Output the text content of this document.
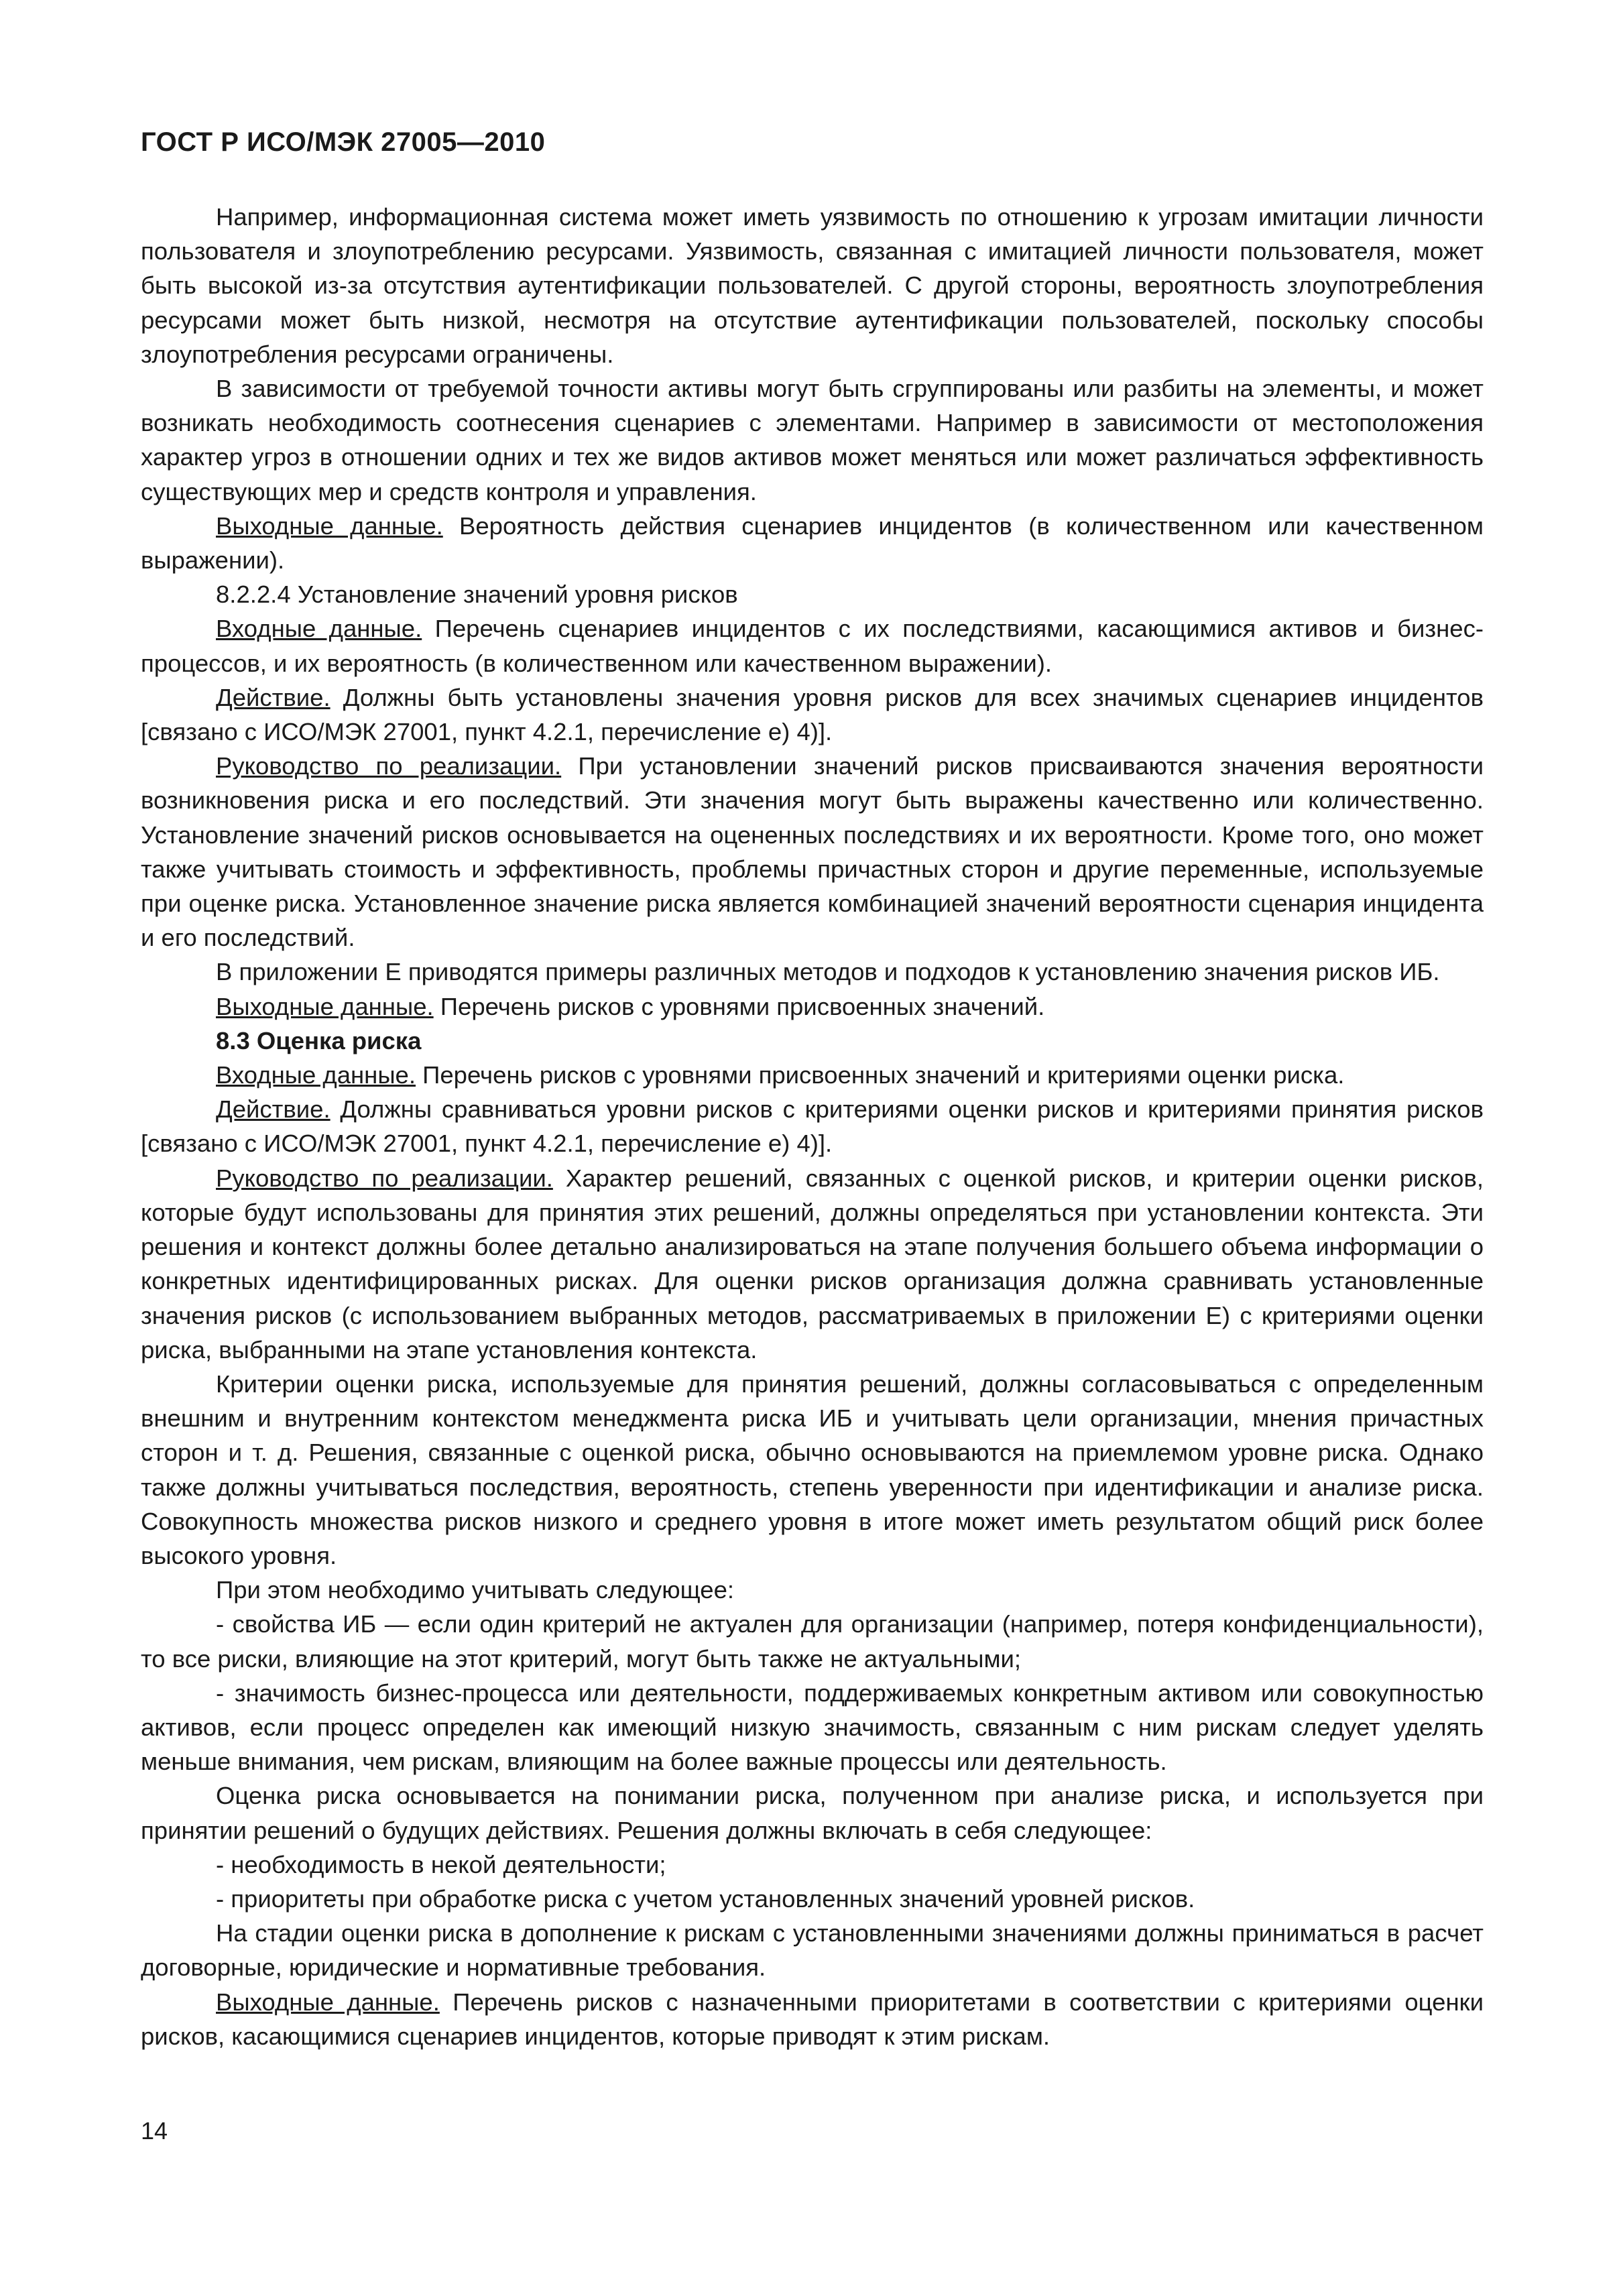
ГОСТ Р ИСО/МЭК 27005—2010

Например, информационная система может иметь уязвимость по отношению к угрозам имитации личности пользователя и злоупотреблению ресурсами. Уязвимость, связанная с имитацией личности пользователя, может быть высокой из-за отсутствия аутентификации пользователей. С другой стороны, вероятность злоупотребления ресурсами может быть низкой, несмотря на отсутствие аутентификации пользователей, поскольку способы злоупотребления ресурсами ограничены.

В зависимости от требуемой точности активы могут быть сгруппированы или разбиты на элементы, и может возникать необходимость соотнесения сценариев с элементами. Например в зависимости от местоположения характер угроз в отношении одних и тех же видов активов может меняться или может различаться эффективность существующих мер и средств контроля и управления.

Выходные данные. Вероятность действия сценариев инцидентов (в количественном или качественном выражении).

8.2.2.4 Установление значений уровня рисков

Входные данные. Перечень сценариев инцидентов с их последствиями, касающимися активов и бизнес-процессов, и их вероятность (в количественном или качественном выражении).

Действие. Должны быть установлены значения уровня рисков для всех значимых сценариев инцидентов [связано с ИСО/МЭК 27001, пункт 4.2.1, перечисление е) 4)].

Руководство по реализации. При установлении значений рисков присваиваются значения вероятности возникновения риска и его последствий. Эти значения могут быть выражены качественно или количественно. Установление значений рисков основывается на оцененных последствиях и их вероятности. Кроме того, оно может также учитывать стоимость и эффективность, проблемы причастных сторон и другие переменные, используемые при оценке риска. Установленное значение риска является комбинацией значений вероятности сценария инцидента и его последствий.

В приложении Е приводятся примеры различных методов и подходов к установлению значения рисков ИБ.

Выходные данные. Перечень рисков с уровнями присвоенных значений.

8.3 Оценка риска

Входные данные. Перечень рисков с уровнями присвоенных значений и критериями оценки риска.

Действие. Должны сравниваться уровни рисков с критериями оценки рисков и критериями принятия рисков [связано с ИСО/МЭК 27001, пункт 4.2.1, перечисление е) 4)].

Руководство по реализации. Характер решений, связанных с оценкой рисков, и критерии оценки рисков, которые будут использованы для принятия этих решений, должны определяться при установлении контекста. Эти решения и контекст должны более детально анализироваться на этапе получения большего объема информации о конкретных идентифицированных рисках. Для оценки рисков организация должна сравнивать установленные значения рисков (с использованием выбранных методов, рассматриваемых в приложении Е) с критериями оценки риска, выбранными на этапе установления контекста.

Критерии оценки риска, используемые для принятия решений, должны согласовываться с определенным внешним и внутренним контекстом менеджмента риска ИБ и учитывать цели организации, мнения причастных сторон и т. д. Решения, связанные с оценкой риска, обычно основываются на приемлемом уровне риска. Однако также должны учитываться последствия, вероятность, степень уверенности при идентификации и анализе риска. Совокупность множества рисков низкого и среднего уровня в итоге может иметь результатом общий риск более высокого уровня.

При этом необходимо учитывать следующее:

- свойства ИБ — если один критерий не актуален для организации (например, потеря конфиденциальности), то все риски, влияющие на этот критерий, могут быть также не актуальными;

- значимость бизнес-процесса или деятельности, поддерживаемых конкретным активом или совокупностью активов, если процесс определен как имеющий низкую значимость, связанным с ним рискам следует уделять меньше внимания, чем рискам, влияющим на более важные процессы или деятельность.

Оценка риска основывается на понимании риска, полученном при анализе риска, и используется при принятии решений о будущих действиях. Решения должны включать в себя следующее:

- необходимость в некой деятельности;

- приоритеты при обработке риска с учетом установленных значений уровней рисков.

На стадии оценки риска в дополнение к рискам с установленными значениями должны приниматься в расчет договорные, юридические и нормативные требования.

Выходные данные. Перечень рисков с назначенными приоритетами в соответствии с критериями оценки рисков, касающимися сценариев инцидентов, которые приводят к этим рискам.

14
